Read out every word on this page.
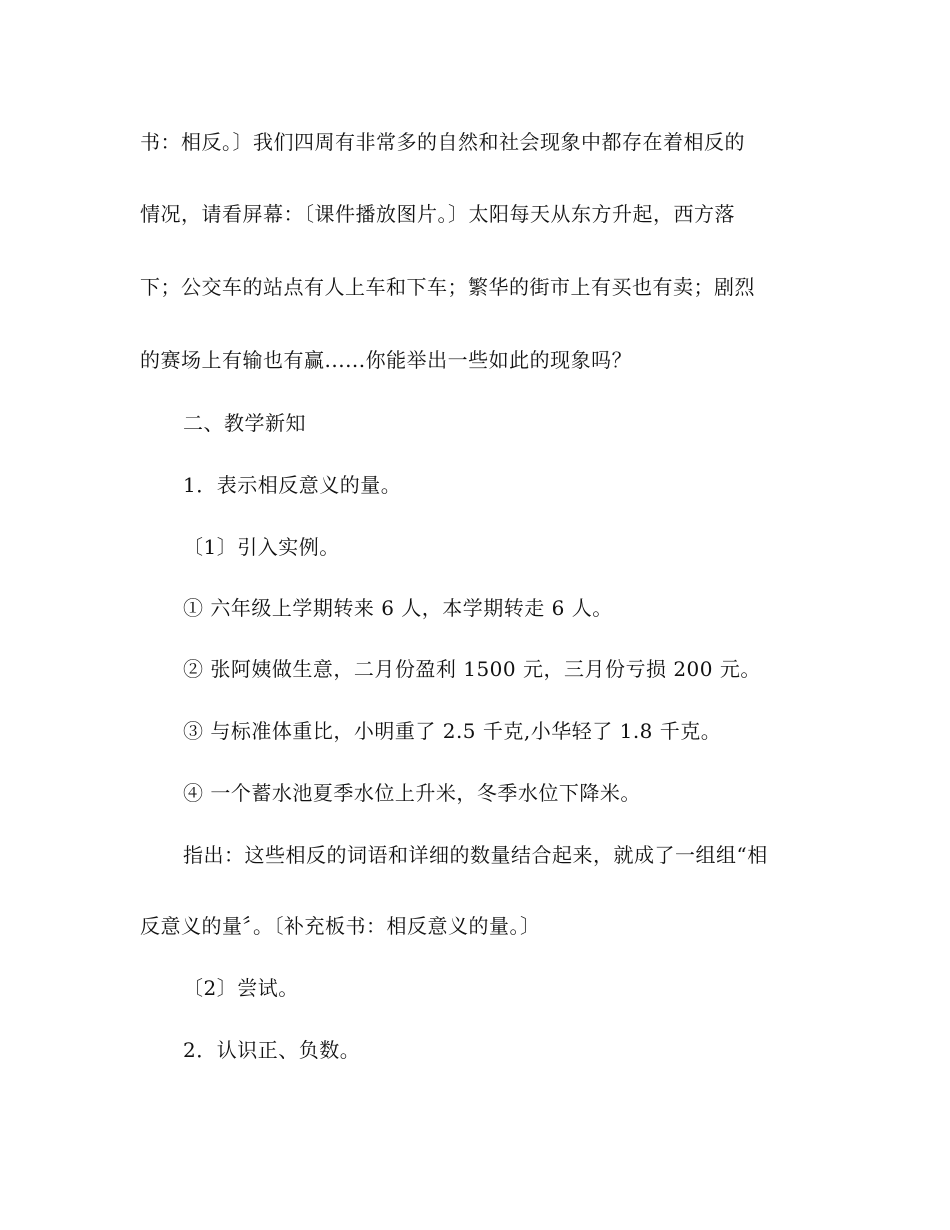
书：相反。〕我们四周有非常多的自然和社会现象中都存在着相反的
情况，请看屏幕：〔课件播放图片。〕太阳每天从东方升起，西方落
下；公交车的站点有人上车和下车；繁华的街市上有买也有卖；剧烈
的赛场上有输也有赢......你能举出一些如此的现象吗？
二、教学新知
1．表示相反意义的量。
〔1〕引入实例。
① 六年级上学期转来 6 人，本学期转走 6 人。
② 张阿姨做生意，二月份盈利 1500 元，三月份亏损 200 元。
③ 与标准体重比，小明重了 2.5 千克,小华轻了 1.8 千克。
④ 一个蓄水池夏季水位上升米，冬季水位下降米。
指出：这些相反的词语和详细的数量结合起来，就成了一组组“相
反意义的量〞。〔补充板书：相反意义的量。〕
〔2〕尝试。
2．认识正、负数。
